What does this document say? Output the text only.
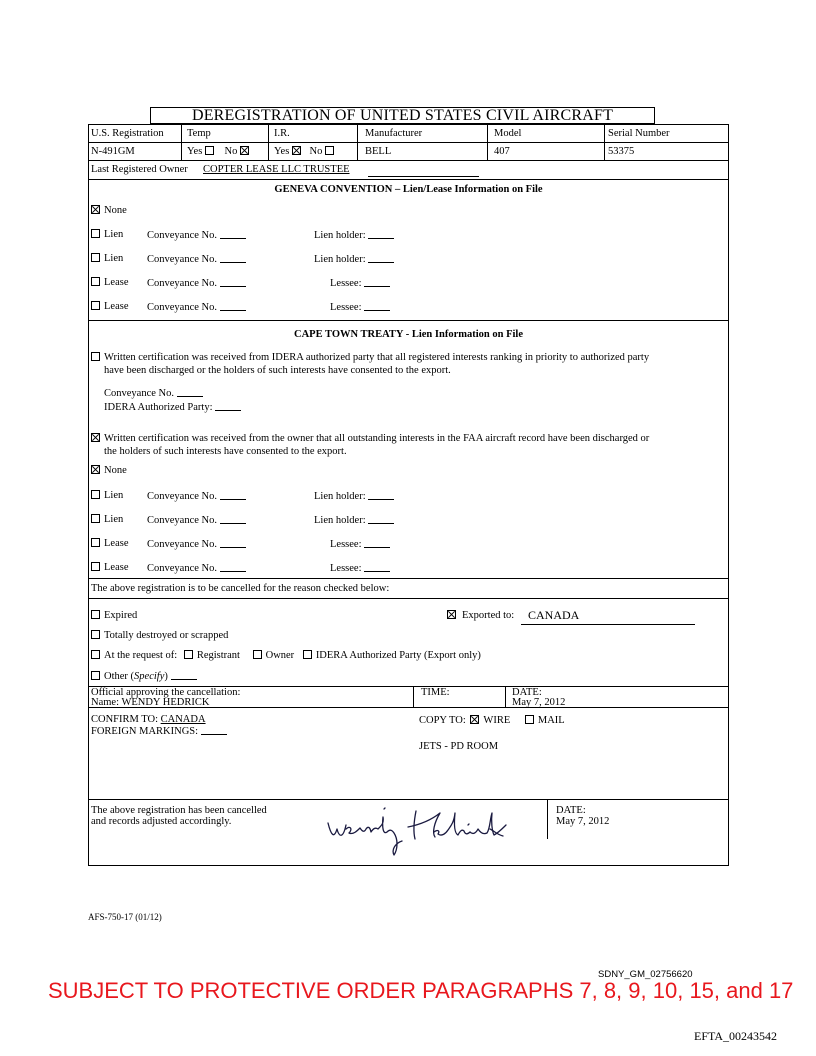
DEREGISTRATION OF UNITED STATES CIVIL AIRCRAFT
U.S. Registration Temp	I.R.	Manufacturer	Model	Serial Number
N-491GM	Yes No	Yes No	BELL	407	53375
Last Registered Owner COPTER LEASE LLC TRUSTEE
GENEVA CONVENTION – Lien/Lease Information on File
None
Lien Conveyance No.	Lien holder:
Lien Conveyance No.	Lien holder:
Lease Conveyance No.	Lessee:
Lease Conveyance No.	Lessee:
CAPE TOWN TREATY - Lien Information on File
Written certification was received from IDERA authorized party that all registered interests ranking in priority to authorized party
have been discharged or the holders of such interests have consented to the export.
Conveyance No.
IDERA Authorized Party:
Written certification was received from the owner that all outstanding interests in the FAA aircraft record have been discharged or
the holders of such interests have consented to the export.
None
Lien Conveyance No.	Lien holder:
Lien Conveyance No.	Lien holder:
Lease Conveyance No.	Lessee:
Lease Conveyance No.	Lessee:
The above registration is to be cancelled for the reason checked below:
Expired	Exported to: CANADA
Totally destroyed or scrapped
At the request of: Registrant Owner IDERA Authorized Party (Export only)
Other (Specify)
Official approving the cancellation:
Name: WENDY HEDRICK
TIME:	DATE:
May 7, 2012
CONFIRM TO: CANADA
FOREIGN MARKINGS:
COPY TO: WIRE	MAIL
JETS - PD ROOM
The above registration has been cancelled
and records adjusted accordingly.
DATE:
May 7, 2012
AFS-750-17 (01/12)
SDNY_GM_02756620
SUBJECT TO PROTECTIVE ORDER PARAGRAPHS 7, 8, 9, 10, 15, and 17
EFTA_00243542
